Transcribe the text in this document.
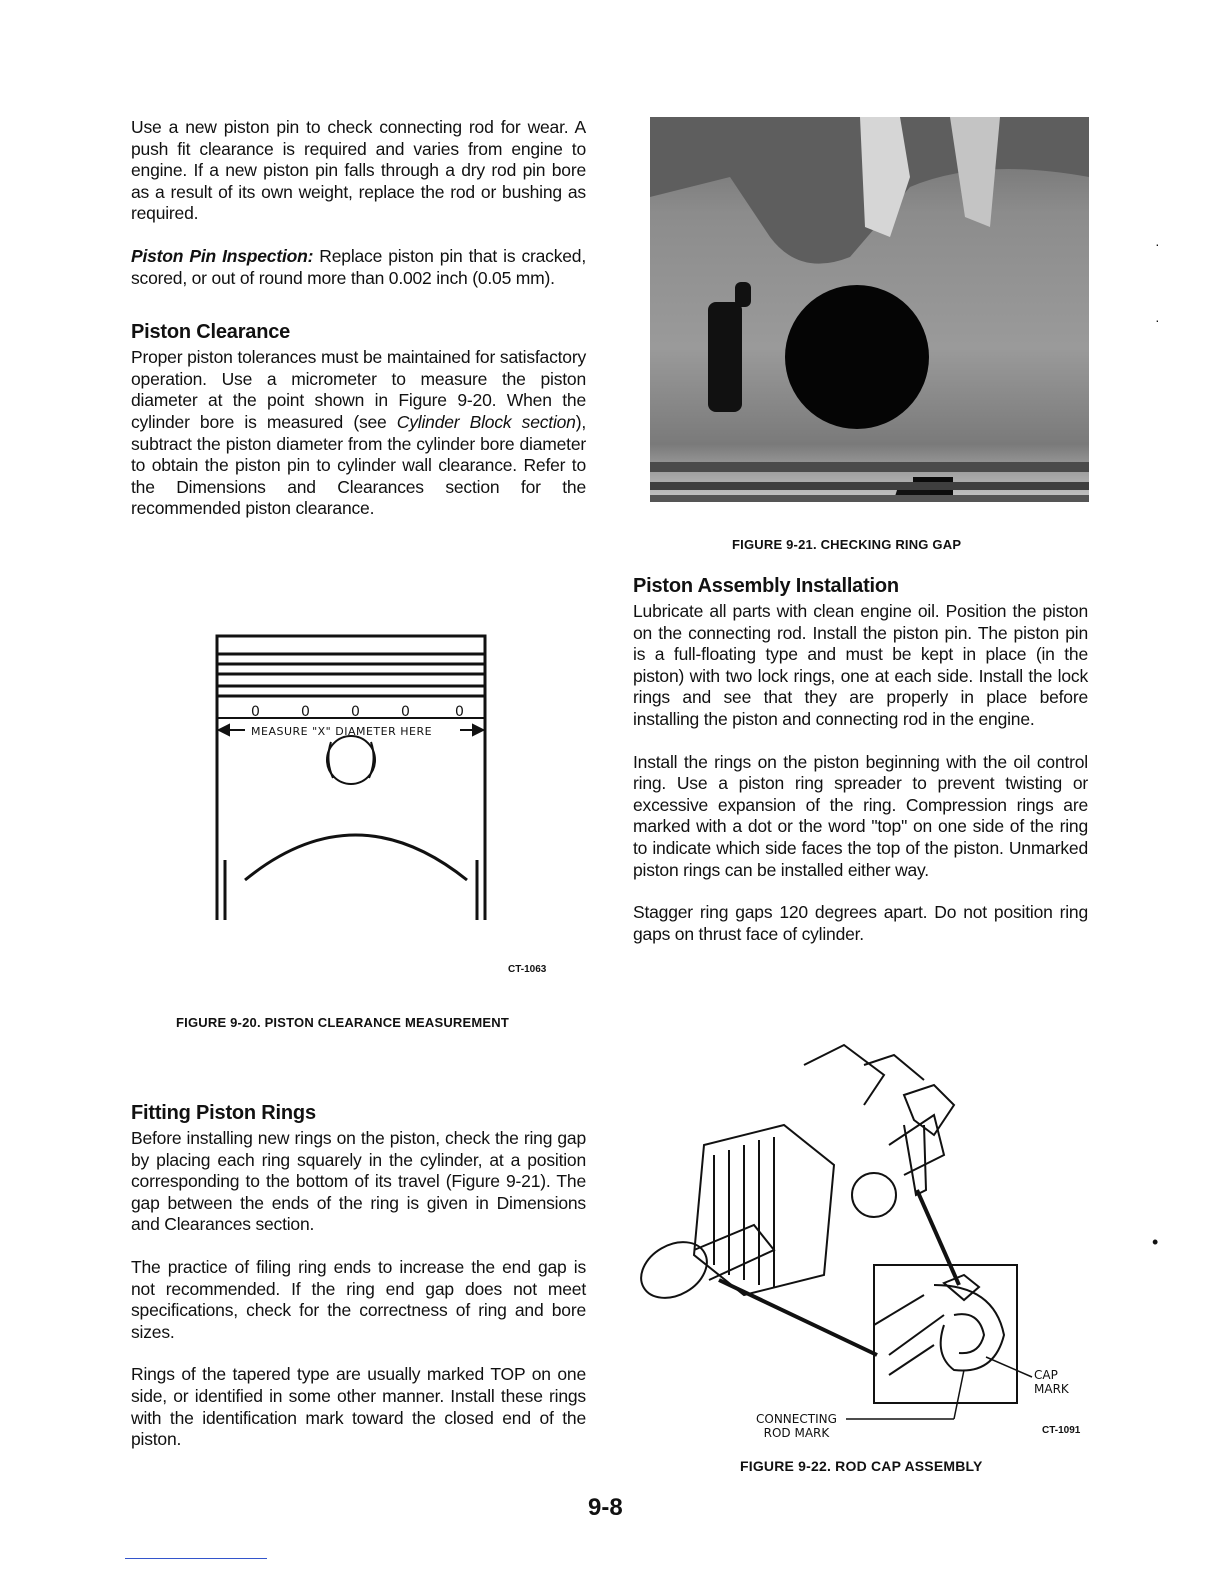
Use a new piston pin to check connecting rod for wear. A push fit clearance is required and varies from engine to engine. If a new piston pin falls through a dry rod pin bore as a result of its own weight, replace the rod or bushing as required.

Piston Pin Inspection: Replace piston pin that is cracked, scored, or out of round more than 0.002 inch (0.05 mm).

Piston Clearance

Proper piston tolerances must be maintained for satisfactory operation. Use a micrometer to measure the piston diameter at the point shown in Figure 9-20. When the cylinder bore is measured (see Cylinder Block section), subtract the piston diameter from the cylinder bore diameter to obtain the piston pin to cylinder wall clearance. Refer to the Dimensions and Clearances section for the recommended piston clearance.

0	0	0	0	0
MEASURE "X" DIAMETER HERE
CT-1063
FIGURE 9-20. PISTON CLEARANCE MEASUREMENT
Fitting Piston Rings

Before installing new rings on the piston, check the ring gap by placing each ring squarely in the cylinder, at a position corresponding to the bottom of its travel (Figure 9-21). The gap between the ends of the ring is given in Dimensions and Clearances section.

The practice of filing ring ends to increase the end gap is not recommended. If the ring end gap does not meet specifications, check for the correctness of ring and bore sizes.

Rings of the tapered type are usually marked TOP on one side, or identified in some other manner. Install these rings with the identification mark toward the closed end of the piston.

FIGURE 9-21. CHECKING RING GAP
Piston Assembly Installation

Lubricate all parts with clean engine oil. Position the piston on the connecting rod. Install the piston pin. The piston pin is a full-floating type and must be kept in place (in the piston) with two lock rings, one at each side. Install the lock rings and see that they are properly in place before installing the piston and connecting rod in the engine.

Install the rings on the piston beginning with the oil control ring. Use a piston ring spreader to prevent twisting or excessive expansion of the ring. Compression rings are marked with a dot or the word "top" on one side of the ring to indicate which side faces the top of the piston. Unmarked piston rings can be installed either way.

Stagger ring gaps 120 degrees apart. Do not position ring gaps on thrust face of cylinder.

CAP
MARK
CONNECTING
ROD MARK	CT-1091
FIGURE 9-22. ROD CAP ASSEMBLY
9-8
·
·
•
